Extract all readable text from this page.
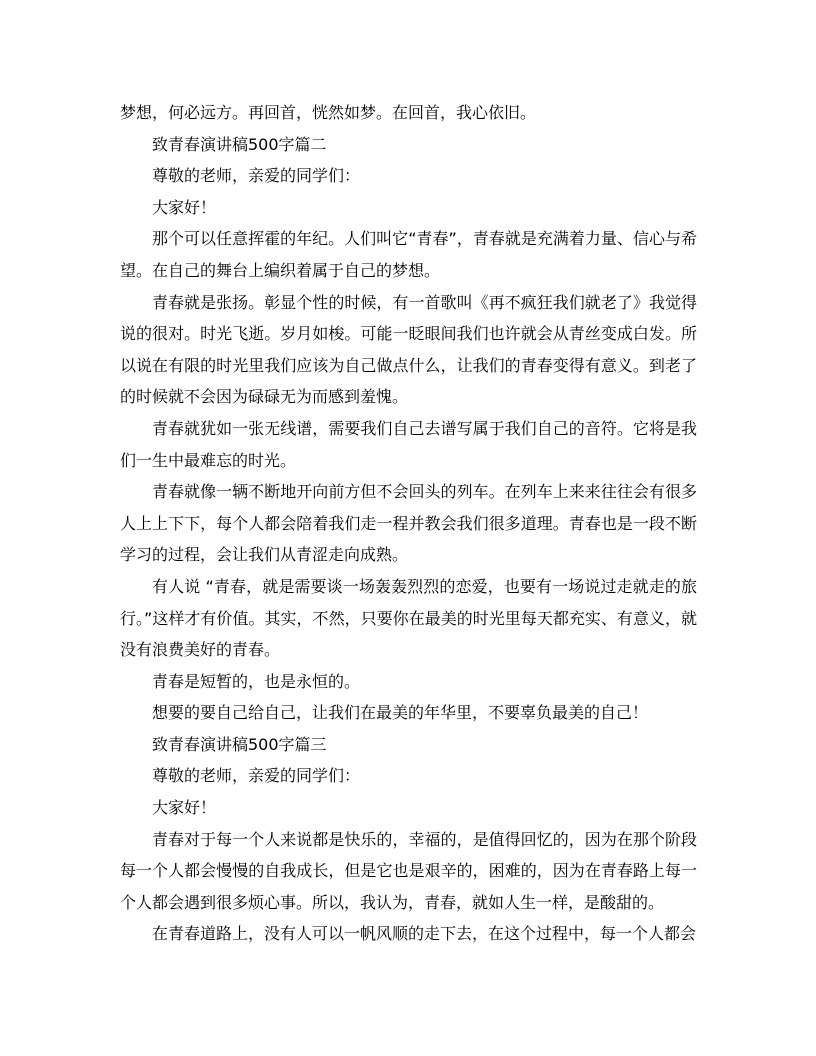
梦想，何必远方。再回首，恍然如梦。在回首，我心依旧。

致青春演讲稿500字篇二

尊敬的老师，亲爱的同学们：

大家好！

那个可以任意挥霍的年纪。人们叫它“青春”，青春就是充满着力量、信心与希望。在自己的舞台上编织着属于自己的梦想。

青春就是张扬。彰显个性的时候，有一首歌叫《再不疯狂我们就老了》我觉得说的很对。时光飞逝。岁月如梭。可能一眨眼间我们也许就会从青丝变成白发。所以说在有限的时光里我们应该为自己做点什么，让我们的青春变得有意义。到老了的时候就不会因为碌碌无为而感到羞愧。

青春就犹如一张无线谱，需要我们自己去谱写属于我们自己的音符。它将是我们一生中最难忘的时光。

青春就像一辆不断地开向前方但不会回头的列车。在列车上来来往往会有很多人上上下下，每个人都会陪着我们走一程并教会我们很多道理。青春也是一段不断学习的过程，会让我们从青涩走向成熟。

有人说 “青春，就是需要谈一场轰轰烈烈的恋爱，也要有一场说过走就走的旅行。”这样才有价值。其实，不然，只要你在最美的时光里每天都充实、有意义，就没有浪费美好的青春。

青春是短暂的，也是永恒的。

想要的要自己给自己，让我们在最美的年华里，不要辜负最美的自己！

致青春演讲稿500字篇三

尊敬的老师，亲爱的同学们：

大家好！

青春对于每一个人来说都是快乐的，幸福的，是值得回忆的，因为在那个阶段每一个人都会慢慢的自我成长，但是它也是艰辛的，困难的，因为在青春路上每一个人都会遇到很多烦心事。所以，我认为，青春，就如人生一样，是酸甜的。

在青春道路上，没有人可以一帆风顺的走下去，在这个过程中，每一个人都会
